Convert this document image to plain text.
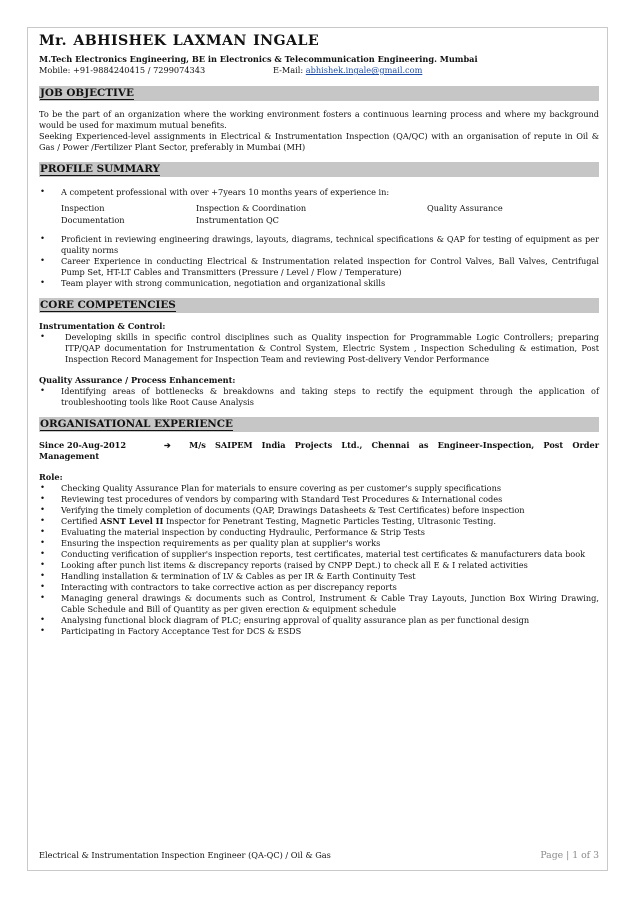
Mr. ABHISHEK LAXMAN INGALE
M.Tech Electronics Engineering, BE in Electronics & Telecommunication Engineering. Mumbai
Mobile: +91-9884240415 / 7299074343	E-Mail: abhishek.ingale@gmail.com
JOB OBJECTIVE
To be the part of an organization where the working environment fosters a continuous learning process and where my background would be used for maximum mutual benefits.
Seeking Experienced-level assignments in Electrical & Instrumentation Inspection (QA/QC) with an organisation of repute in Oil & Gas / Power /Fertilizer Plant Sector, preferably in Mumbai (MH)
PROFILE SUMMARY
• A competent professional with over +7years 10 months years of experience in:
Inspection	Inspection & Coordination	Quality Assurance
Documentation	Instrumentation QC
• Proficient in reviewing engineering drawings, layouts, diagrams, technical specifications & QAP for testing of equipment as per quality norms
• Career Experience in conducting Electrical & Instrumentation related inspection for Control Valves, Ball Valves, Centrifugal Pump Set, HT-LT Cables and Transmitters (Pressure / Level / Flow / Temperature)
• Team player with strong communication, negotiation and organizational skills
CORE COMPETENCIES
Instrumentation & Control:
• Developing skills in specific control disciplines such as Quality inspection for Programmable Logic Controllers; preparing ITP/QAP documentation for Instrumentation & Control System, Electric System , Inspection Scheduling & estimation, Post Inspection Record Management for Inspection Team and reviewing Post-delivery Vendor Performance
Quality Assurance / Process Enhancement:
• Identifying areas of bottlenecks & breakdowns and taking steps to rectify the equipment through the application of troubleshooting tools like Root Cause Analysis
ORGANISATIONAL EXPERIENCE
Since 20-Aug-2012	➔ M/s SAIPEM India Projects Ltd., Chennai as Engineer-Inspection, Post Order
Management
Role:
• Checking Quality Assurance Plan for materials to ensure covering as per customer's supply specifications
• Reviewing test procedures of vendors by comparing with Standard Test Procedures & International codes
• Verifying the timely completion of documents (QAP, Drawings Datasheets & Test Certificates) before inspection
• Certified ASNT Level II Inspector for Penetrant Testing, Magnetic Particles Testing, Ultrasonic Testing.
• Evaluating the material inspection by conducting Hydraulic, Performance & Strip Tests
• Ensuring the inspection requirements as per quality plan at supplier's works
• Conducting verification of supplier's inspection reports, test certificates, material test certificates & manufacturers data book
• Looking after punch list items & discrepancy reports (raised by CNPP Dept.) to check all E & I related activities
• Handling installation & termination of LV & Cables as per IR & Earth Continuity Test
• Interacting with contractors to take corrective action as per discrepancy reports
• Managing general drawings & documents such as Control, Instrument & Cable Tray Layouts, Junction Box Wiring Drawing, Cable Schedule and Bill of Quantity as per given erection & equipment schedule
• Analysing functional block diagram of PLC; ensuring approval of quality assurance plan as per functional design
• Participating in Factory Acceptance Test for DCS & ESDS
Electrical & Instrumentation Inspection Engineer (QA-QC) / Oil & Gas	Page | 1 of 3
